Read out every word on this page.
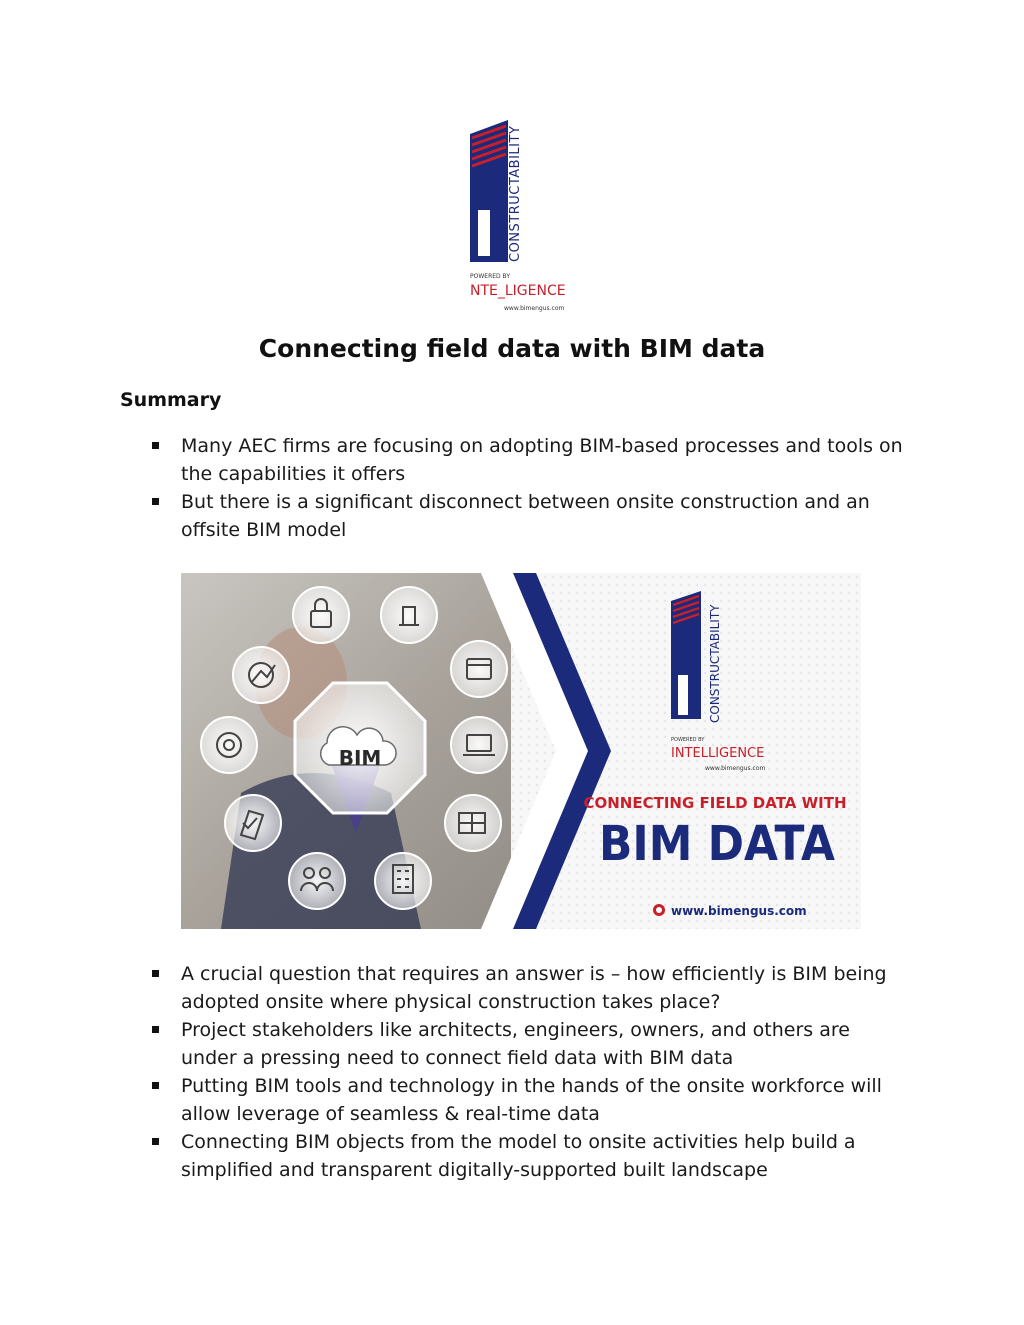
CONSTRUCTABILITY
POWERED BY
NTE_LIGENCE
www.bimengus.com
Connecting field data with BIM data
Summary
Many AEC firms are focusing on adopting BIM-based processes and tools on the capabilities it offers
But there is a significant disconnect between onsite construction and an offsite BIM model
BIM
CONSTRUCTABILITY
POWERED BY
INTELLIGENCE
www.bimengus.com
CONNECTING FIELD DATA WITH
BIM DATA
www.bimengus.com
A crucial question that requires an answer is – how efficiently is BIM being adopted onsite where physical construction takes place?
Project stakeholders like architects, engineers, owners, and others are under a pressing need to connect field data with BIM data
Putting BIM tools and technology in the hands of the onsite workforce will allow leverage of seamless & real-time data
Connecting BIM objects from the model to onsite activities help build a simplified and transparent digitally-supported built landscape
